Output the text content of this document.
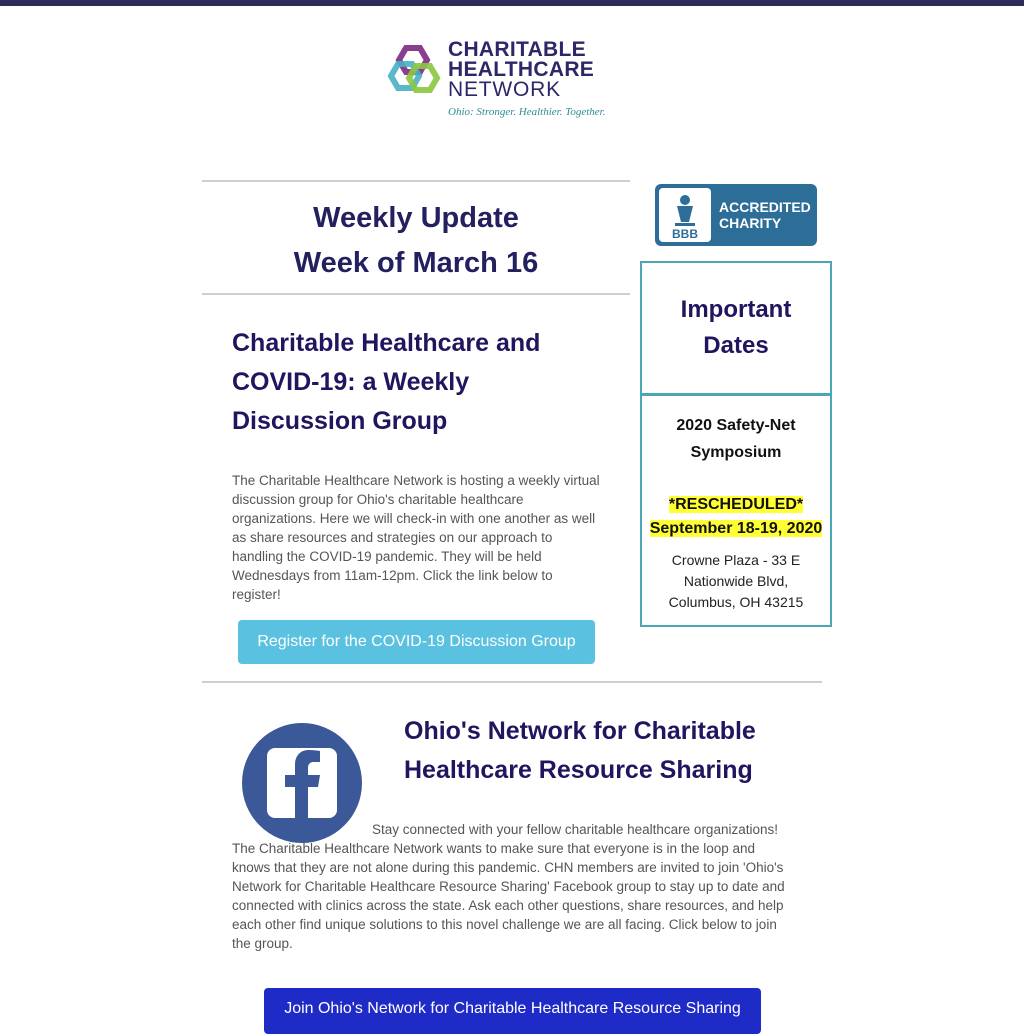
CHARITABLE
HEALTHCARE
NETWORK
Ohio: Stronger. Healthier. Together.
Weekly Update
Week of March 16
Charitable Healthcare and COVID-19: a Weekly Discussion Group

The Charitable Healthcare Network is hosting a weekly virtual discussion group for Ohio's charitable healthcare organizations. Here we will check-in with one another as well as share resources and strategies on our approach to handling the COVID-19 pandemic. They will be held Wednesdays from 11am-12pm. Click the link below to register!

Register for the COVID-19 Discussion Group
BBB
ACCREDITED
CHARITY
Important
Dates
2020 Safety-Net
Symposium
*RESCHEDULED*
September 18-19, 2020
Crowne Plaza - 33 E
Nationwide Blvd,
Columbus, OH 43215
Ohio's Network for Charitable Healthcare Resource Sharing

Stay connected with your fellow charitable healthcare organizations! The Charitable Healthcare Network wants to make sure that everyone is in the loop and knows that they are not alone during this pandemic. CHN members are invited to join 'Ohio's Network for Charitable Healthcare Resource Sharing' Facebook group to stay up to date and connected with clinics across the state. Ask each other questions, share resources, and help each other find unique solutions to this novel challenge we are all facing. Click below to join the group.

Join Ohio's Network for Charitable Healthcare Resource Sharing
